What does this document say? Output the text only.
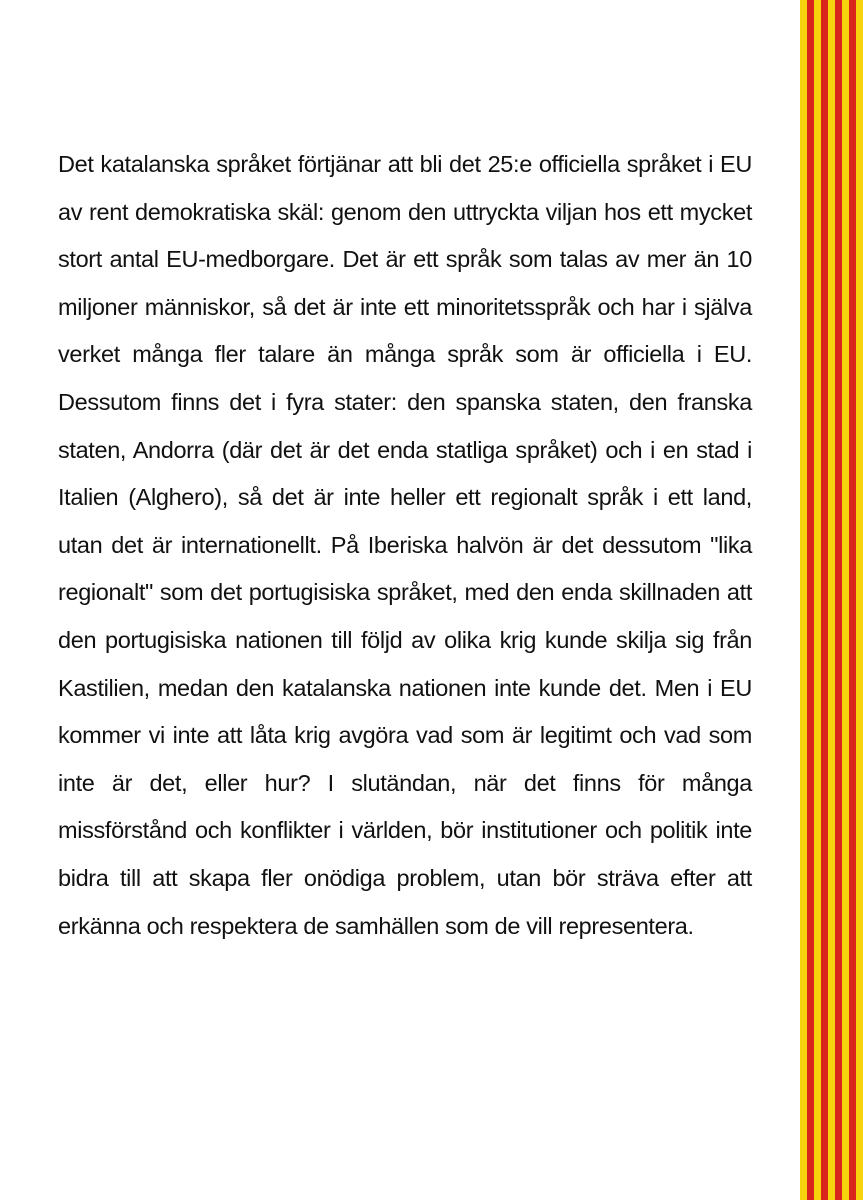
Det katalanska språket förtjänar att bli det 25:e officiella språket i EU av rent demokratiska skäl: genom den uttryckta viljan hos ett mycket stort antal EU-medborgare. Det är ett språk som talas av mer än 10 miljoner människor, så det är inte ett minoritetsspråk och har i själva verket många fler talare än många språk som är officiella i EU. Dessutom finns det i fyra stater: den spanska staten, den franska staten, Andorra (där det är det enda statliga språket) och i en stad i Italien (Alghero), så det är inte heller ett regionalt språk i ett land, utan det är internationellt. På Iberiska halvön är det dessutom "lika regionalt" som det portugisiska språket, med den enda skillnaden att den portugisiska nationen till följd av olika krig kunde skilja sig från Kastilien, medan den katalanska nationen inte kunde det. Men i EU kommer vi inte att låta krig avgöra vad som är legitimt och vad som inte är det, eller hur? I slutändan, när det finns för många missförstånd och konflikter i världen, bör institutioner och politik inte bidra till att skapa fler onödiga problem, utan bör sträva efter att erkänna och respektera de samhällen som de vill representera.
